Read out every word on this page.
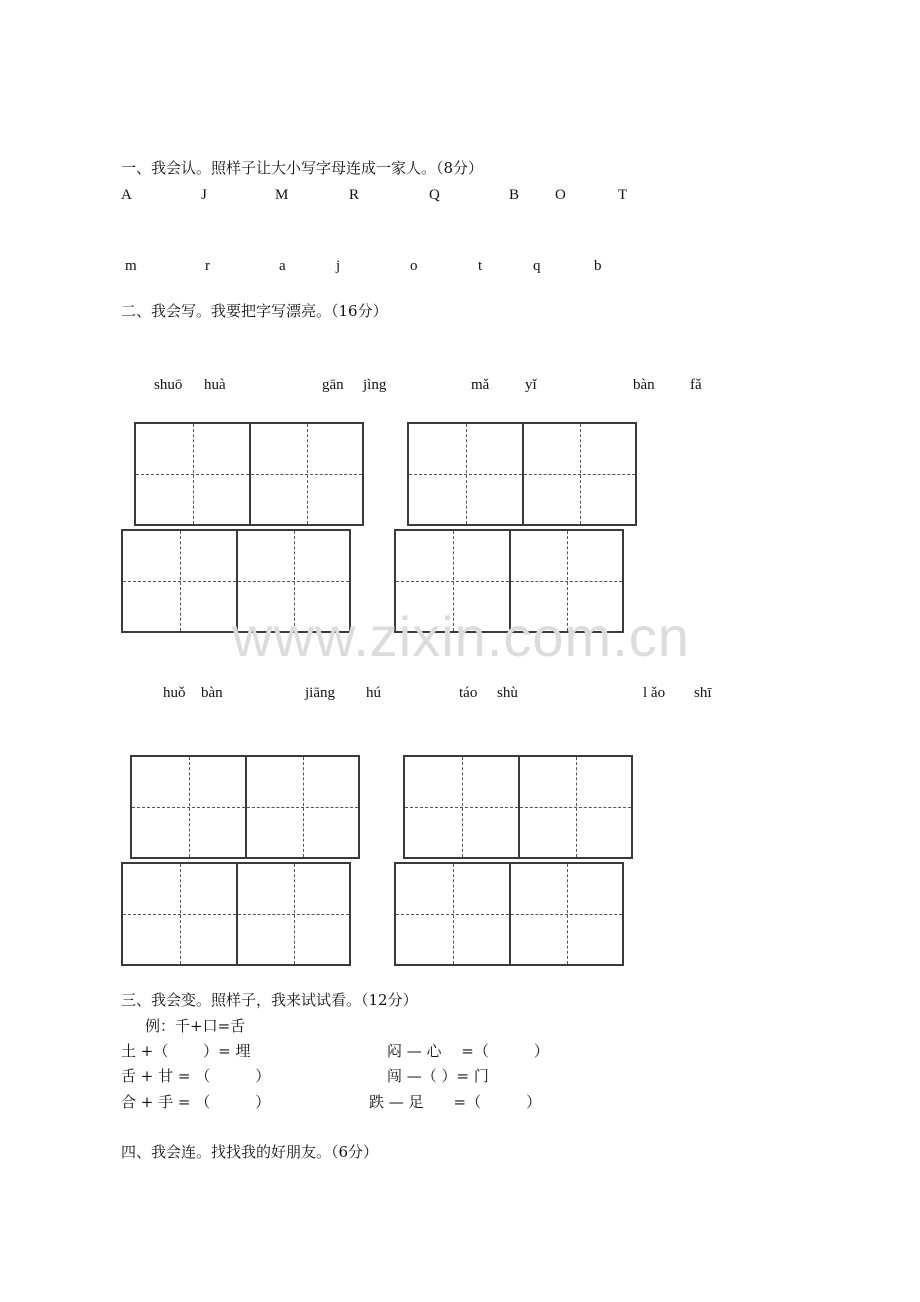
一、我会认。照样子让大小写字母连成一家人。（8分）
A	J	M	R	Q	B O	T
m	r	a	j	o	t	q	b
二、我会写。我要把字写漂亮。（16分）
shuō huà	gān jìng	mǎ yǐ	bàn fǎ
www.zixin.com.cn
huǒ bàn	jiāng hú	táo shù	l ǎo shī
三、我会变。照样子，我来试试看。（12分）
例：千+口=舌
土 +（　　 ）= 埋	闷 — 心　 =（　　　）
舌 + 甘 = （　　　）	闯 —（ ）= 门
合 + 手 = （　　　）	跌 — 足　　=（　　　）
四、我会连。找找我的好朋友。（6分）
